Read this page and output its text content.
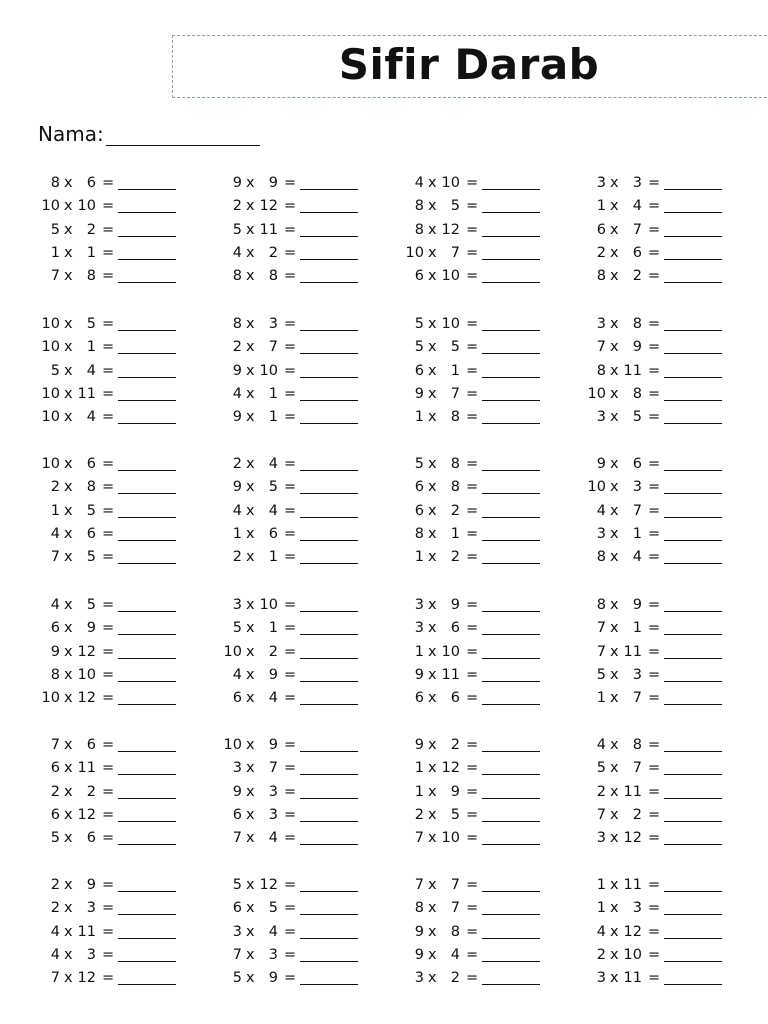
Sifir Darab
Nama:
8 x 6 =
10 x 10 =
5 x 2 =
1 x 1 =
7 x 8 =
10 x 5 =
10 x 1 =
5 x 4 =
10 x 11 =
10 x 4 =
10 x 6 =
2 x 8 =
1 x 5 =
4 x 6 =
7 x 5 =
4 x 5 =
6 x 9 =
9 x 12 =
8 x 10 =
10 x 12 =
7 x 6 =
6 x 11 =
2 x 2 =
6 x 12 =
5 x 6 =
2 x 9 =
2 x 3 =
4 x 11 =
4 x 3 =
7 x 12 =
9 x 9 =
2 x 12 =
5 x 11 =
4 x 2 =
8 x 8 =
8 x 3 =
2 x 7 =
9 x 10 =
4 x 1 =
9 x 1 =
2 x 4 =
9 x 5 =
4 x 4 =
1 x 6 =
2 x 1 =
3 x 10 =
5 x 1 =
10 x 2 =
4 x 9 =
6 x 4 =
10 x 9 =
3 x 7 =
9 x 3 =
6 x 3 =
7 x 4 =
5 x 12 =
6 x 5 =
3 x 4 =
7 x 3 =
5 x 9 =
4 x 10 =
8 x 5 =
8 x 12 =
10 x 7 =
6 x 10 =
5 x 10 =
5 x 5 =
6 x 1 =
9 x 7 =
1 x 8 =
5 x 8 =
6 x 8 =
6 x 2 =
8 x 1 =
1 x 2 =
3 x 9 =
3 x 6 =
1 x 10 =
9 x 11 =
6 x 6 =
9 x 2 =
1 x 12 =
1 x 9 =
2 x 5 =
7 x 10 =
7 x 7 =
8 x 7 =
9 x 8 =
9 x 4 =
3 x 2 =
3 x 3 =
1 x 4 =
6 x 7 =
2 x 6 =
8 x 2 =
3 x 8 =
7 x 9 =
8 x 11 =
10 x 8 =
3 x 5 =
9 x 6 =
10 x 3 =
4 x 7 =
3 x 1 =
8 x 4 =
8 x 9 =
7 x 1 =
7 x 11 =
5 x 3 =
1 x 7 =
4 x 8 =
5 x 7 =
2 x 11 =
7 x 2 =
3 x 12 =
1 x 11 =
1 x 3 =
4 x 12 =
2 x 10 =
3 x 11 =
